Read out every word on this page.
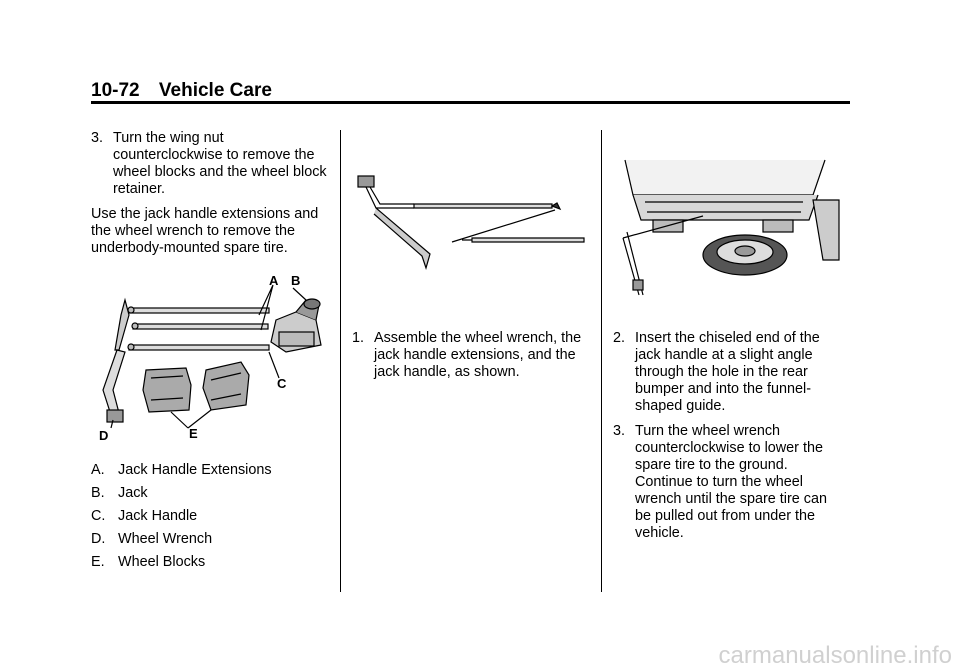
10-72 Vehicle Care

3. Turn the wing nut counterclockwise to remove the wheel blocks and the wheel block retainer.

Use the jack handle extensions and the wheel wrench to remove the underbody-mounted spare tire.

A B
C
D	E

A. Jack Handle Extensions

B. Jack

C. Jack Handle

D. Wheel Wrench

E. Wheel Blocks

1. Assemble the wheel wrench, the jack handle extensions, and the jack handle, as shown.

2. Insert the chiseled end of the jack handle at a slight angle through the hole in the rear bumper and into the funnel-shaped guide.

3. Turn the wheel wrench counterclockwise to lower the spare tire to the ground. Continue to turn the wheel wrench until the spare tire can be pulled out from under the vehicle.

carmanualsonline.info
